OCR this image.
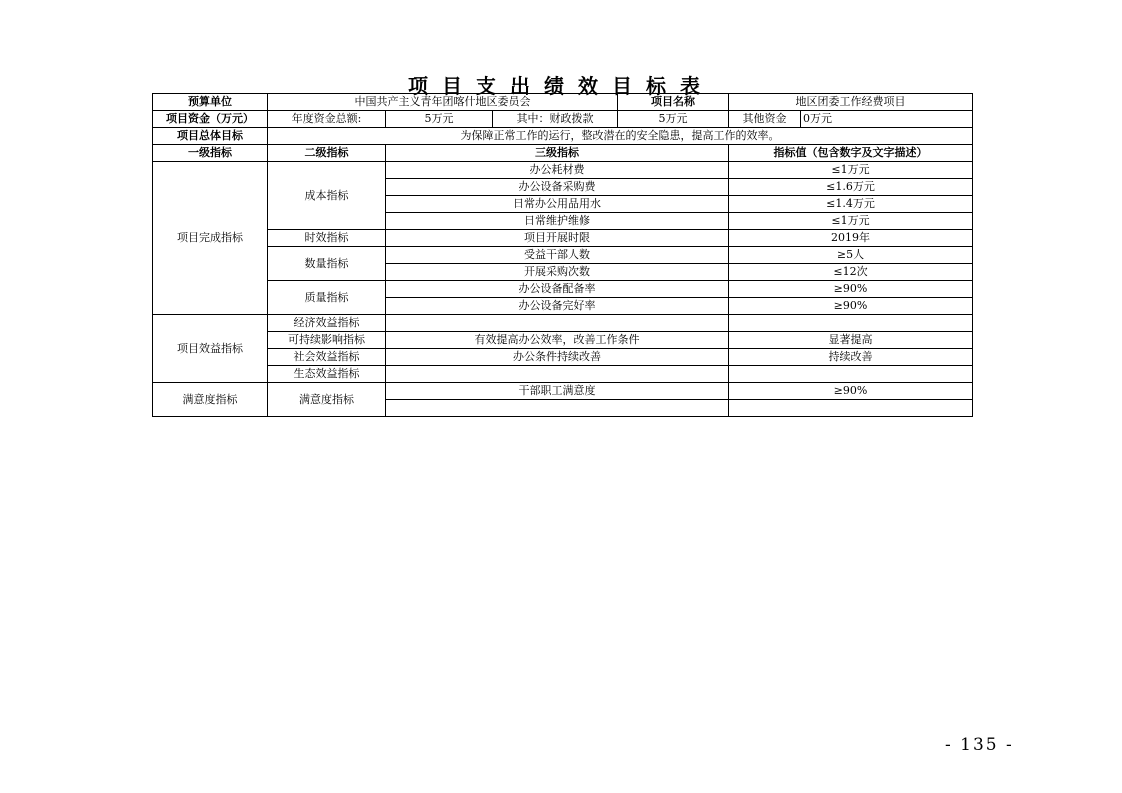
项目支出绩效目标表
预算单位	中国共产主义青年团喀什地区委员会			项目名称	地区团委工作经费项目	
项目资金（万元）	年度资金总额:	5万元	其中：财政拨款	5万元	其他资金	0万元
项目总体目标	为保障正常工作的运行，整改潜在的安全隐患，提高工作的效率。					
一级指标	二级指标	三级指标			指标值（包含数字及文字描述）	
项目完成指标	成本指标	办公耗材费			≤1万元	
		办公设备采购费			≤1.6万元	
		日常办公用品用水			≤1.4万元	
		日常维护维修			≤1万元	
	时效指标	项目开展时限			2019年	
	数量指标	受益干部人数			≥5人	
		开展采购次数			≤12次	
	质量指标	办公设备配备率			≥90%	
		办公设备完好率			≥90%	
项目效益指标	经济效益指标					
	可持续影响指标	有效提高办公效率，改善工作条件			显著提高	
	社会效益指标	办公条件持续改善			持续改善	
	生态效益指标					
满意度指标	满意度指标	干部职工满意度			≥90%	

- 135 -
